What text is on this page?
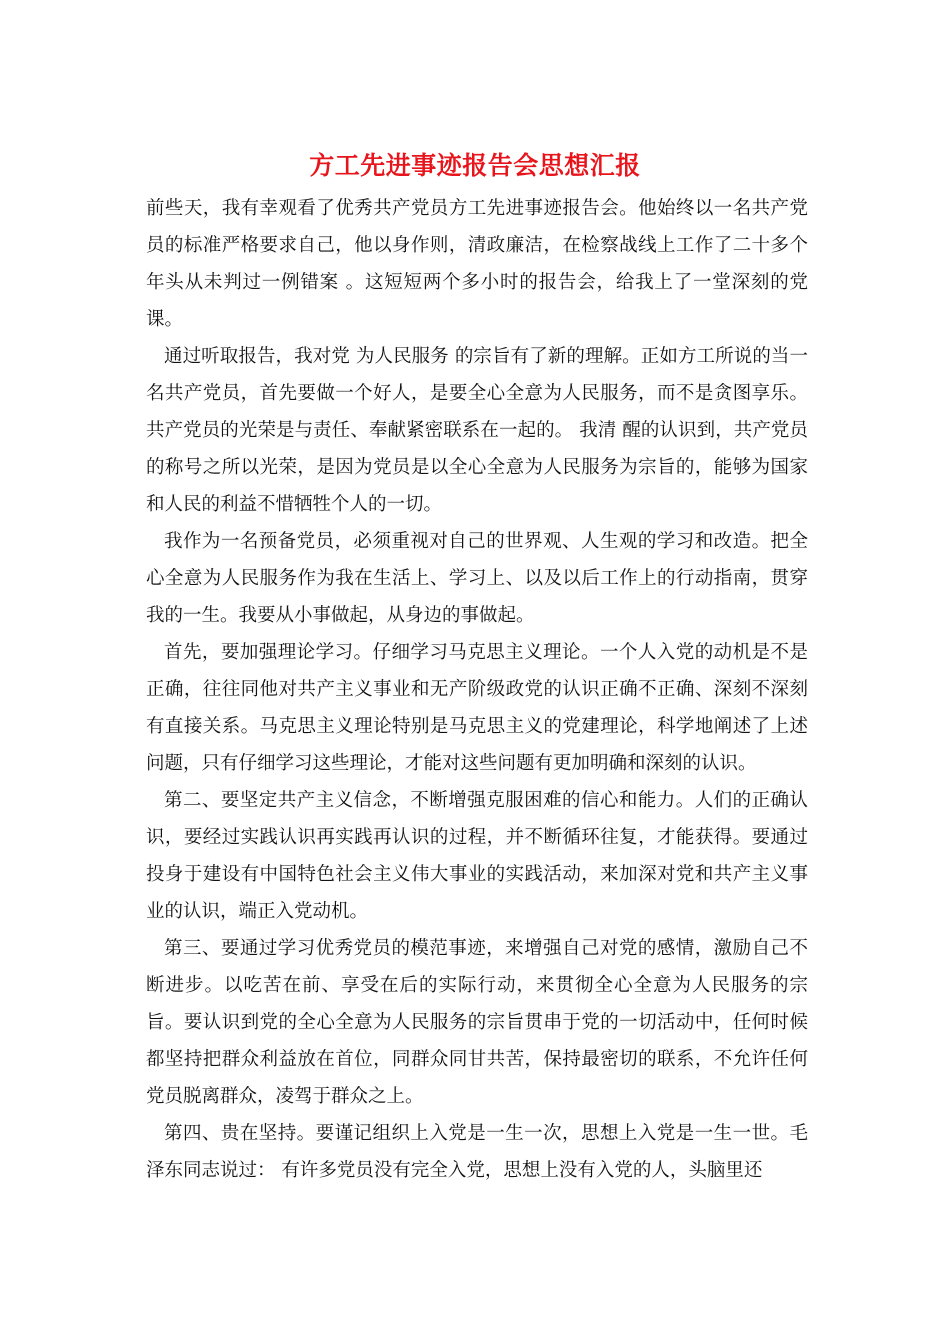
方工先进事迹报告会思想汇报

前些天，我有幸观看了优秀共产党员方工先进事迹报告会。他始终以一名共产党员的标准严格要求自己，他以身作则，清政廉洁，在检察战线上工作了二十多个年头从未判过一例错案 。这短短两个多小时的报告会，给我上了一堂深刻的党课。

通过听取报告，我对党 为人民服务 的宗旨有了新的理解。正如方工所说的当一名共产党员，首先要做一个好人，是要全心全意为人民服务，而不是贪图享乐。共产党员的光荣是与责任、奉献紧密联系在一起的。 我清 醒的认识到，共产党员的称号之所以光荣，是因为党员是以全心全意为人民服务为宗旨的，能够为国家和人民的利益不惜牺牲个人的一切。

我作为一名预备党员，必须重视对自己的世界观、人生观的学习和改造。把全心全意为人民服务作为我在生活上、学习上、以及以后工作上的行动指南，贯穿我的一生。我要从小事做起，从身边的事做起。

首先，要加强理论学习。仔细学习马克思主义理论。一个人入党的动机是不是正确，往往同他对共产主义事业和无产阶级政党的认识正确不正确、深刻不深刻有直接关系。马克思主义理论特别是马克思主义的党建理论，科学地阐述了上述问题，只有仔细学习这些理论，才能对这些问题有更加明确和深刻的认识。

第二、要坚定共产主义信念，不断增强克服困难的信心和能力。人们的正确认识，要经过实践认识再实践再认识的过程，并不断循环往复，才能获得。要通过投身于建设有中国特色社会主义伟大事业的实践活动，来加深对党和共产主义事业的认识，端正入党动机。

第三、要通过学习优秀党员的模范事迹，来增强自己对党的感情，激励自己不断进步。以吃苦在前、享受在后的实际行动，来贯彻全心全意为人民服务的宗旨。要认识到党的全心全意为人民服务的宗旨贯串于党的一切活动中，任何时候都坚持把群众利益放在首位，同群众同甘共苦，保持最密切的联系，不允许任何党员脱离群众，凌驾于群众之上。

第四、贵在坚持。要谨记组织上入党是一生一次，思想上入党是一生一世。毛泽东同志说过： 有许多党员没有完全入党，思想上没有入党的人，头脑里还
